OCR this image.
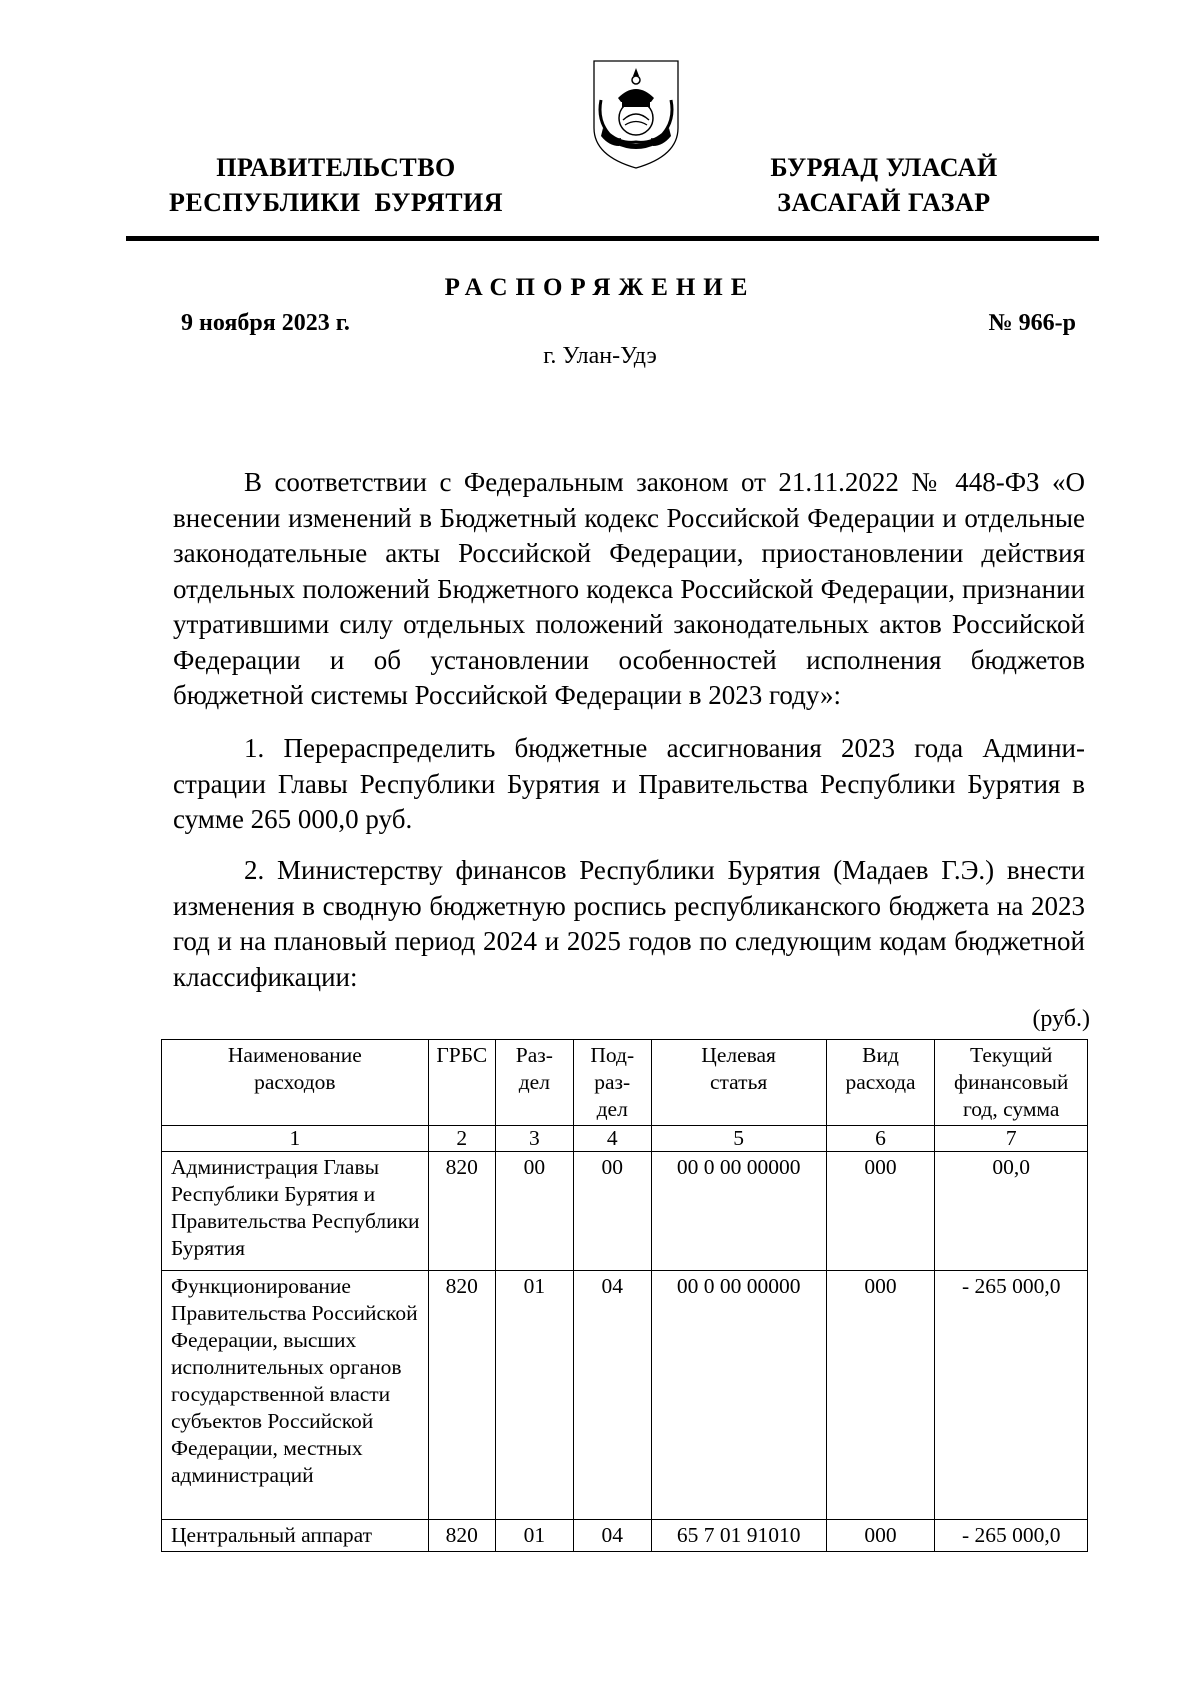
ПРАВИТЕЛЬСТВО
РЕСПУБЛИКИ  БУРЯТИЯ
БУРЯАД УЛАСАЙ
ЗАСАГАЙ ГАЗАР
РАСПОРЯЖЕНИЕ
9 ноября 2023 г.	№ 966-р
г. Улан-Удэ
В соответствии с Федеральным законом от 21.11.2022 № 448-ФЗ «О внесении изменений в Бюджетный кодекс Российской Федерации и отдельные законодательные акты Российской Федерации, приостановлении действия отдельных положений Бюджетного кодекса Российской Федерации, признании утратившими силу отдельных положений законодательных актов Российской Федерации и об установлении особенностей исполнения бюджетов бюджетной системы Российской Федерации в 2023 году»:
1. Перераспределить бюджетные ассигнования 2023 года Администрации Главы Республики Бурятия и Правительства Республики Бурятия в сумме 265 000,0 руб.
2. Министерству финансов Республики Бурятия (Мадаев Г.Э.) внести изменения в сводную бюджетную роспись республиканского бюджета на 2023 год и на плановый период 2024 и 2025 годов по следующим кодам бюджетной классификации:
(руб.)
Наименование расходов	ГРБС	Раздел	Подраздел	Целевая статья	Вид расхода	Текущий финансовый год, сумма
1	2	3	4	5	6	7
Администрация Главы Республики Бурятия и Правительства Республики Бурятия	820	00	00	00 0 00 00000	000	00,0
Функционирование Правительства Российской Федерации, высших исполнительных органов государственной власти субъектов Российской Федерации, местных администраций	820	01	04	00 0 00 00000	000	- 265 000,0
Центральный аппарат	820	01	04	65 7 01 91010	000	- 265 000,0
